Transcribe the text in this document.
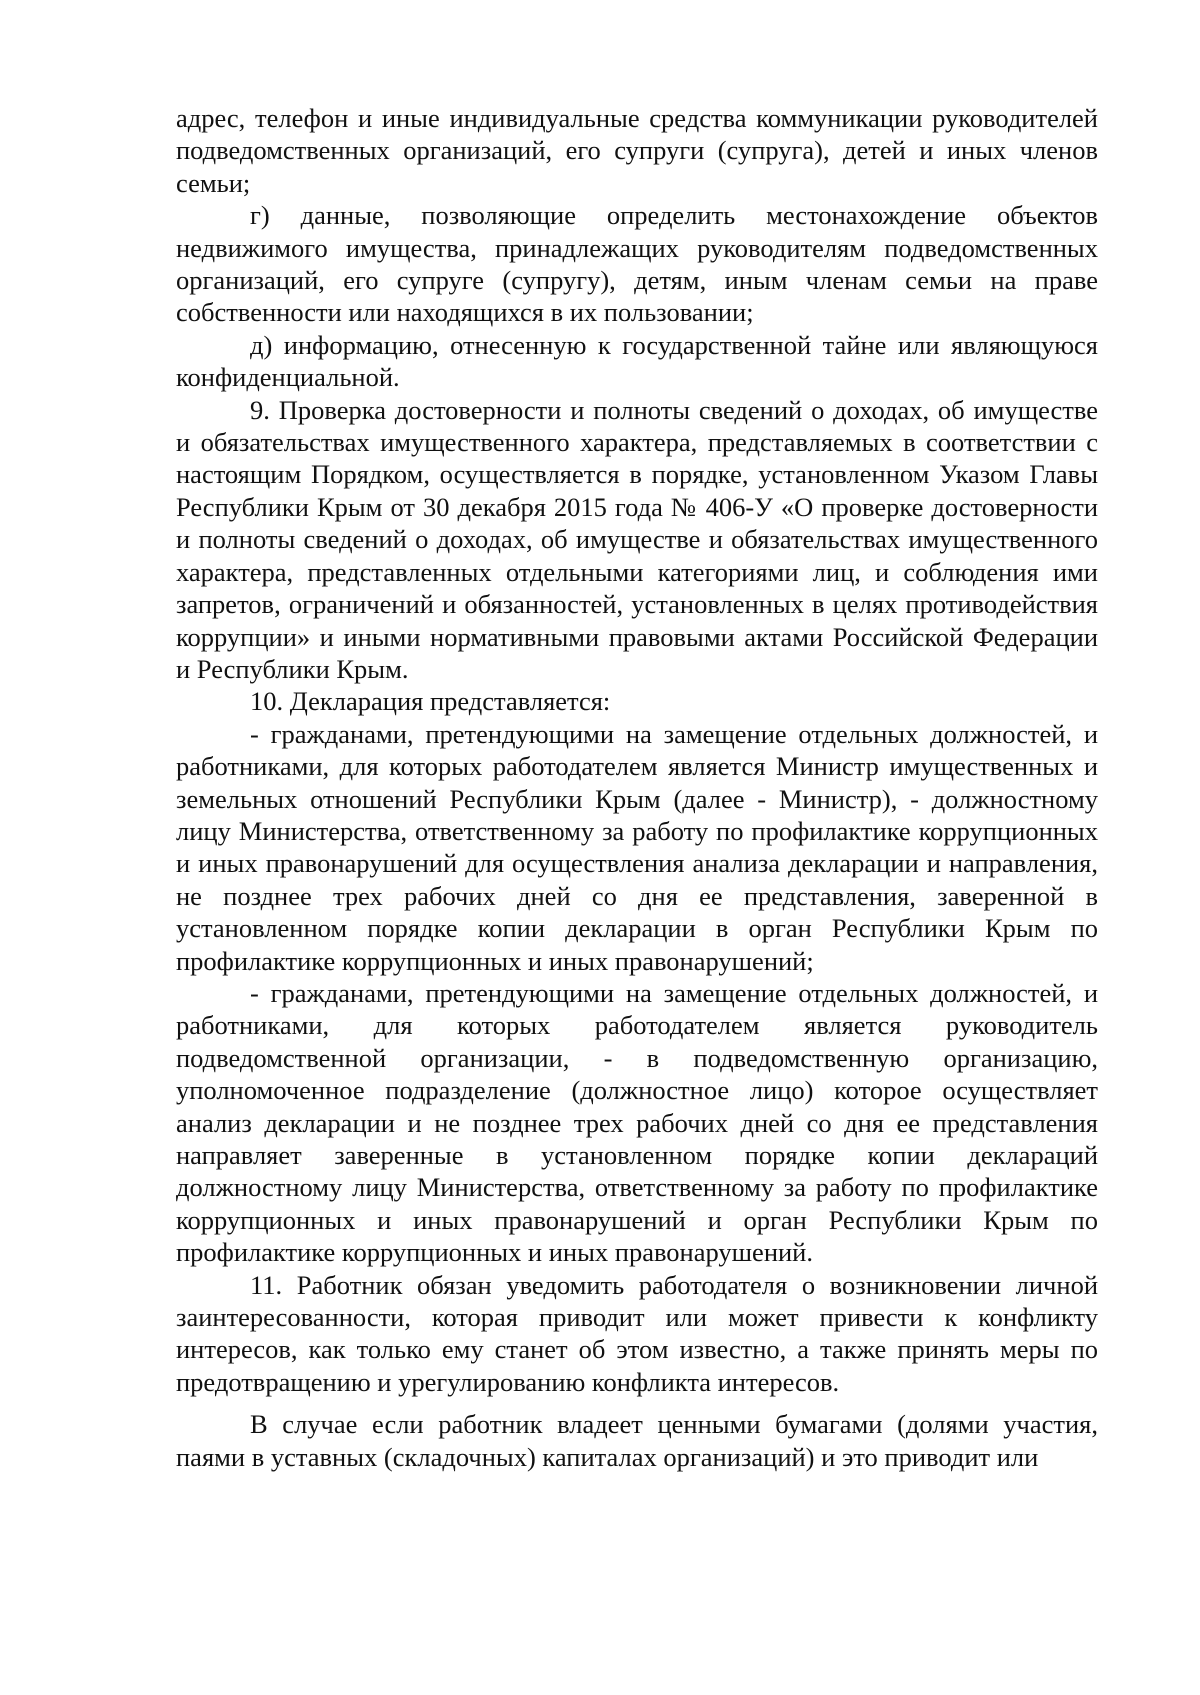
адрес, телефон и иные индивидуальные средства коммуникации руководителей подведомственных организаций, его супруги (супруга), детей и иных членов семьи;

г) данные, позволяющие определить местонахождение объектов недвижимого имущества, принадлежащих руководителям подведомственных организаций, его супруге (супругу), детям, иным членам семьи на праве собственности или находящихся в их пользовании;

д) информацию, отнесенную к государственной тайне или являющуюся конфиденциальной.

9. Проверка достоверности и полноты сведений о доходах, об имуществе и обязательствах имущественного характера, представляемых в соответствии с настоящим Порядком, осуществляется в порядке, установленном Указом Главы Республики Крым от 30 декабря 2015 года № 406-У «О проверке достоверности и полноты сведений о доходах, об имуществе и обязательствах имущественного характера, представленных отдельными категориями лиц, и соблюдения ими запретов, ограничений и обязанностей, установленных в целях противодействия коррупции» и иными нормативными правовыми актами Российской Федерации и Республики Крым.

10. Декларация представляется:

- гражданами, претендующими на замещение отдельных должностей, и работниками, для которых работодателем является Министр имущественных и земельных отношений Республики Крым (далее - Министр), - должностному лицу Министерства, ответственному за работу по профилактике коррупционных и иных правонарушений для осуществления анализа декларации и направления, не позднее трех рабочих дней со дня ее представления, заверенной в установленном порядке копии декларации в орган Республики Крым по профилактике коррупционных и иных правонарушений;

- гражданами, претендующими на замещение отдельных должностей, и работниками, для которых работодателем является руководитель подведомственной организации, - в подведомственную организацию, уполномоченное подразделение (должностное лицо) которое осуществляет анализ декларации и не позднее трех рабочих дней со дня ее представления направляет заверенные в установленном порядке копии деклараций должностному лицу Министерства, ответственному за работу по профилактике коррупционных и иных правонарушений и орган Республики Крым по профилактике коррупционных и иных правонарушений.

11. Работник обязан уведомить работодателя о возникновении личной заинтересованности, которая приводит или может привести к конфликту интересов, как только ему станет об этом известно, а также принять меры по предотвращению и урегулированию конфликта интересов.

В случае если работник владеет ценными бумагами (долями участия, паями в уставных (складочных) капиталах организаций) и это приводит или
